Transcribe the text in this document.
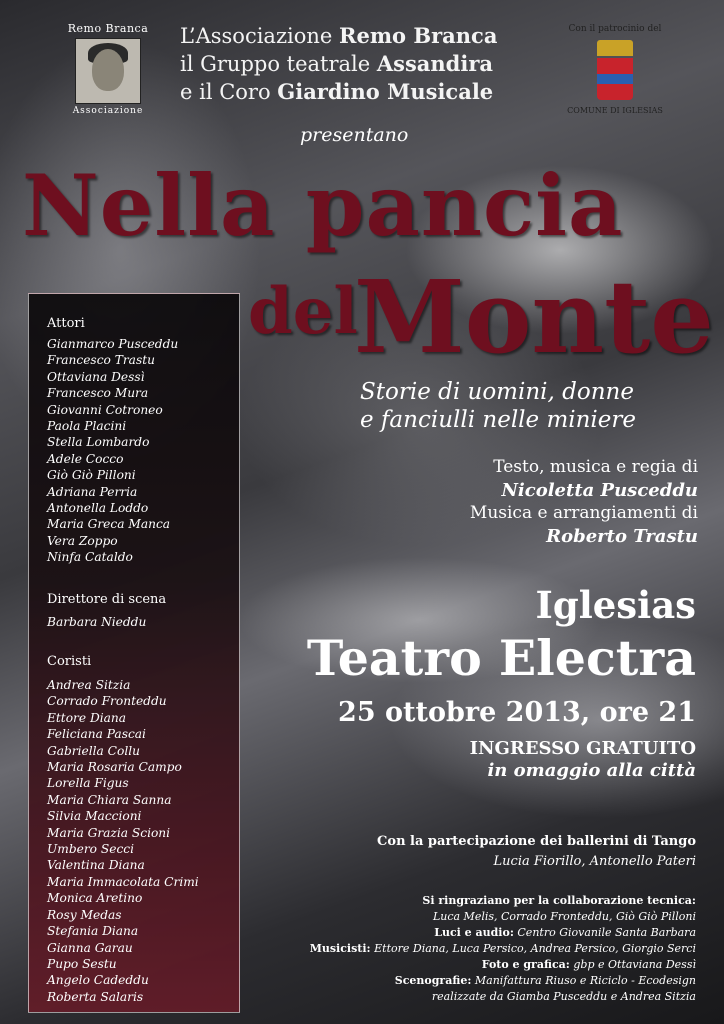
Remo Branca
Associazione
L’Associazione Remo Branca
il Gruppo teatrale Assandira
e il Coro Giardino Musicale
presentano
Con il patrocinio del
COMUNE DI IGLESIAS
Nella pancia
del
Monte
Storie di uomini, donne
e fanciulli nelle miniere
Testo, musica e regia di
Nicoletta Pusceddu
Musica e arrangiamenti di
Roberto Trastu
Iglesias
Teatro Electra
25 ottobre 2013, ore 21
INGRESSO GRATUITO
in omaggio alla città
Con la partecipazione dei ballerini di Tango
Lucia Fiorillo, Antonello Pateri
Si ringraziano per la collaborazione tecnica:
Luca Melis, Corrado Fronteddu, Giò Giò Pilloni
Luci e audio: Centro Giovanile Santa Barbara
Musicisti: Ettore Diana, Luca Persico, Andrea Persico, Giorgio Serci
Foto e grafica: gbp e Ottaviana Dessì
Scenografie: Manifattura Riuso e Riciclo - Ecodesign
realizzate da Giamba Pusceddu e Andrea Sitzia
Attori
Gianmarco Pusceddu
Francesco Trastu
Ottaviana Dessì
Francesco Mura
Giovanni Cotroneo
Paola Placini
Stella Lombardo
Adele Cocco
Giò Giò Pilloni
Adriana Perria
Antonella Loddo
Maria Greca Manca
Vera Zoppo
Ninfa Cataldo
Direttore di scena
Barbara Nieddu
Coristi
Andrea Sitzia
Corrado Fronteddu
Ettore Diana
Feliciana Pascai
Gabriella Collu
Maria Rosaria Campo
Lorella Figus
Maria Chiara Sanna
Silvia Maccioni
Maria Grazia Scioni
Umbero Secci
Valentina Diana
Maria Immacolata Crimi
Monica Aretino
Rosy Medas
Stefania Diana
Gianna Garau
Pupo Sestu
Angelo Cadeddu
Roberta Salaris
